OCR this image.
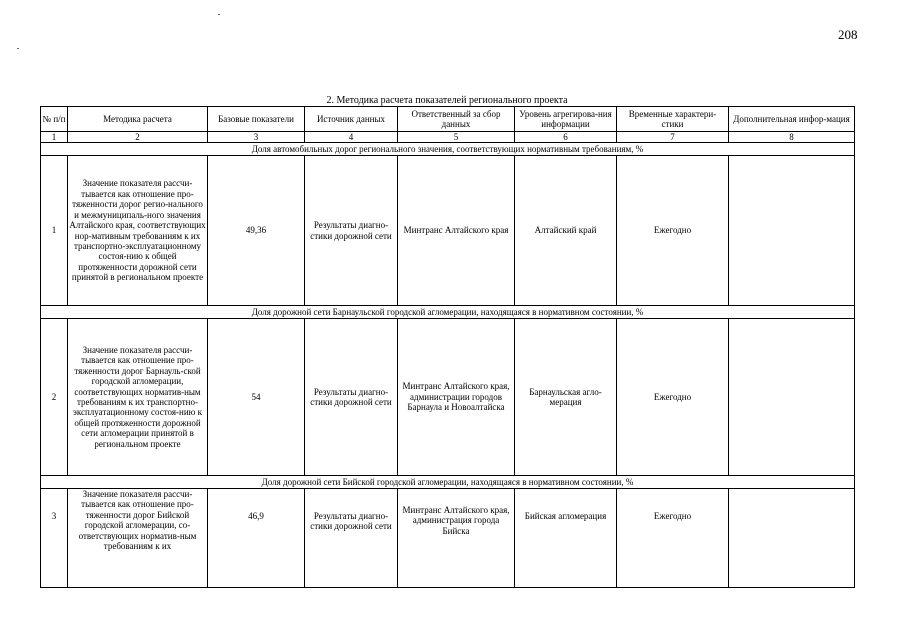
208
2. Методика расчета показателей регионального проекта
№ п/п	Методика расчета	Базовые показатели	Источник данных	Ответственный за сбор данных	Уровень агрегирова-ния информации	Временные характери-стики	Дополнительная инфор-мация
1	2	3	4	5	6	7	8
Доля автомобильных дорог регионального значения, соответствующих нормативным требованиям, %							
1	Значение показателя рассчи-тывается как отношение про-тяженности дорог регио-нального и межмуниципаль-ного значения Алтайского края, соответствующих нор-мативным требованиям к их транспортно-эксплуатационному состоя-нию к общей протяженности дорожной сети принятой в региональном проекте	49,36	Результаты диагно-стики дорожной сети	Минтранс Алтайского края	Алтайский край	Ежегодно	
Доля дорожной сети Барнаульской городской агломерации, находящаяся в нормативном состоянии, %							
2	Значение показателя рассчи-тывается как отношение про-тяженности дорог Барнауль-ской городской агломерации, соответствующих норматив-ным требованиям к их транспортно-эксплуатационному состоя-нию к общей протяженности дорожной сети агломерации принятой в региональном проекте	54	Результаты диагно-стики дорожной сети	Минтранс Алтайского края, администрации городов Барнаула и Новоалтайска	Барнаульская агло-мерация	Ежегодно	
Доля дорожной сети Бийской городской агломерации, находящаяся в нормативном состоянии, %							
3	Значение показателя рассчи-тывается как отношение про-тяженности дорог Бийской городской агломерации, со-ответствующих норматив-ным требованиям к их	46,9	Результаты диагно-стики дорожной сети	Минтранс Алтайского края, администрация города Бийска	Бийская агломерация	Ежегодно	
